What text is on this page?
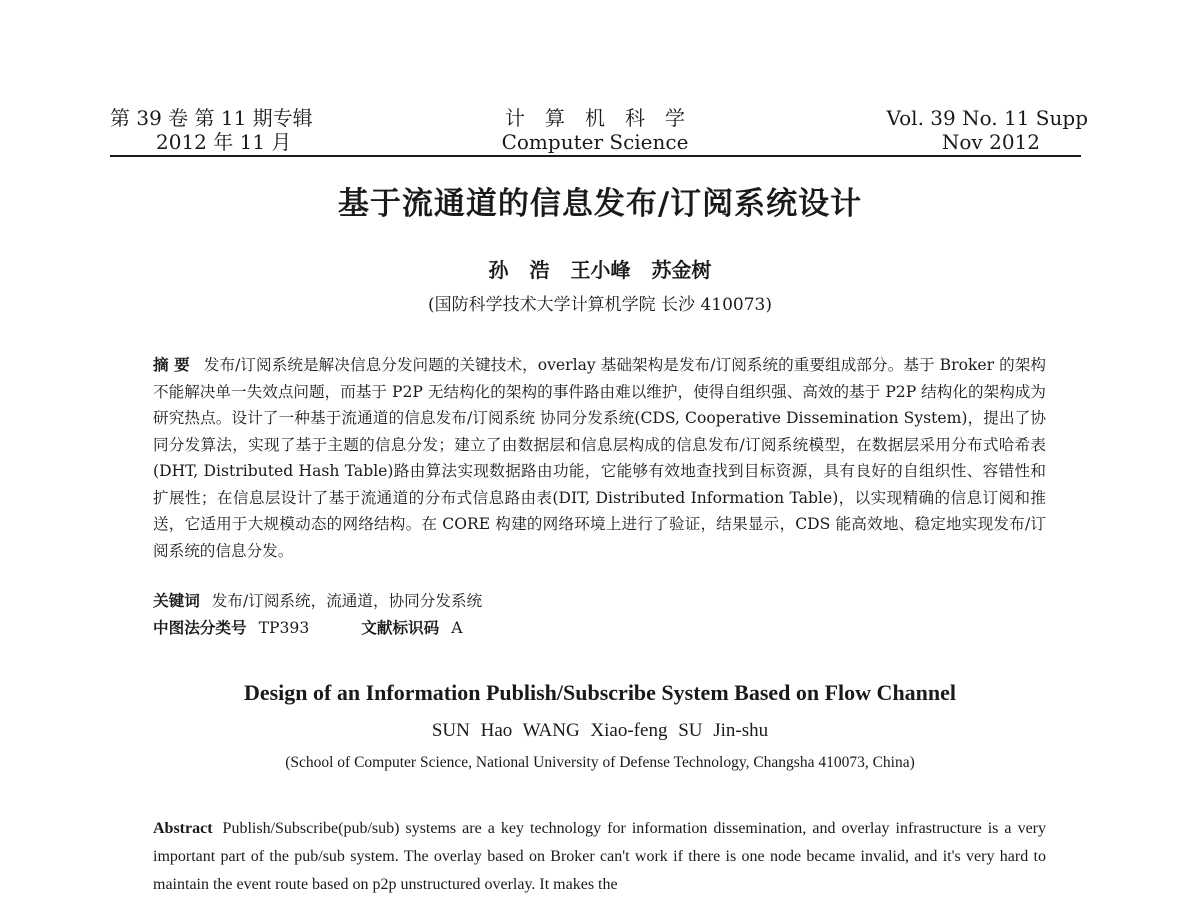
第 39 卷 第 11 期专辑
2012 年 11 月
计算机科学
Computer Science
Vol. 39 No. 11 Supp
Nov 2012
基于流通道的信息发布/订阅系统设计
孙 浩 王小峰 苏金树
(国防科学技术大学计算机学院 长沙 410073)
摘 要 发布/订阅系统是解决信息分发问题的关键技术，overlay 基础架构是发布/订阅系统的重要组成部分。基于 Broker 的架构不能解决单一失效点问题，而基于 P2P 无结构化的架构的事件路由难以维护，使得自组织强、高效的基于 P2P 结构化的架构成为研究热点。设计了一种基于流通道的信息发布/订阅系统 协同分发系统(CDS, Cooperative Dissemination System)，提出了协同分发算法，实现了基于主题的信息分发；建立了由数据层和信息层构成的信息发布/订阅系统模型，在数据层采用分布式哈希表(DHT, Distributed Hash Table)路由算法实现数据路由功能，它能够有效地查找到目标资源，具有良好的自组织性、容错性和扩展性；在信息层设计了基于流通道的分布式信息路由表(DIT, Distributed Information Table)，以实现精确的信息订阅和推送，它适用于大规模动态的网络结构。在 CORE 构建的网络环境上进行了验证，结果显示，CDS 能高效地、稳定地实现发布/订阅系统的信息分发。
关键词 发布/订阅系统，流通道，协同分发系统
中图法分类号 TP393	文献标识码 A
Design of an Information Publish/Subscribe System Based on Flow Channel
SUN Hao WANG Xiao-feng SU Jin-shu
(School of Computer Science, National University of Defense Technology, Changsha 410073, China)
Abstract Publish/Subscribe(pub/sub) systems are a key technology for information dissemination, and overlay infrastructure is a very important part of the pub/sub system. The overlay based on Broker can't work if there is one node became invalid, and it's very hard to maintain the event route based on p2p unstructured overlay. It makes the
